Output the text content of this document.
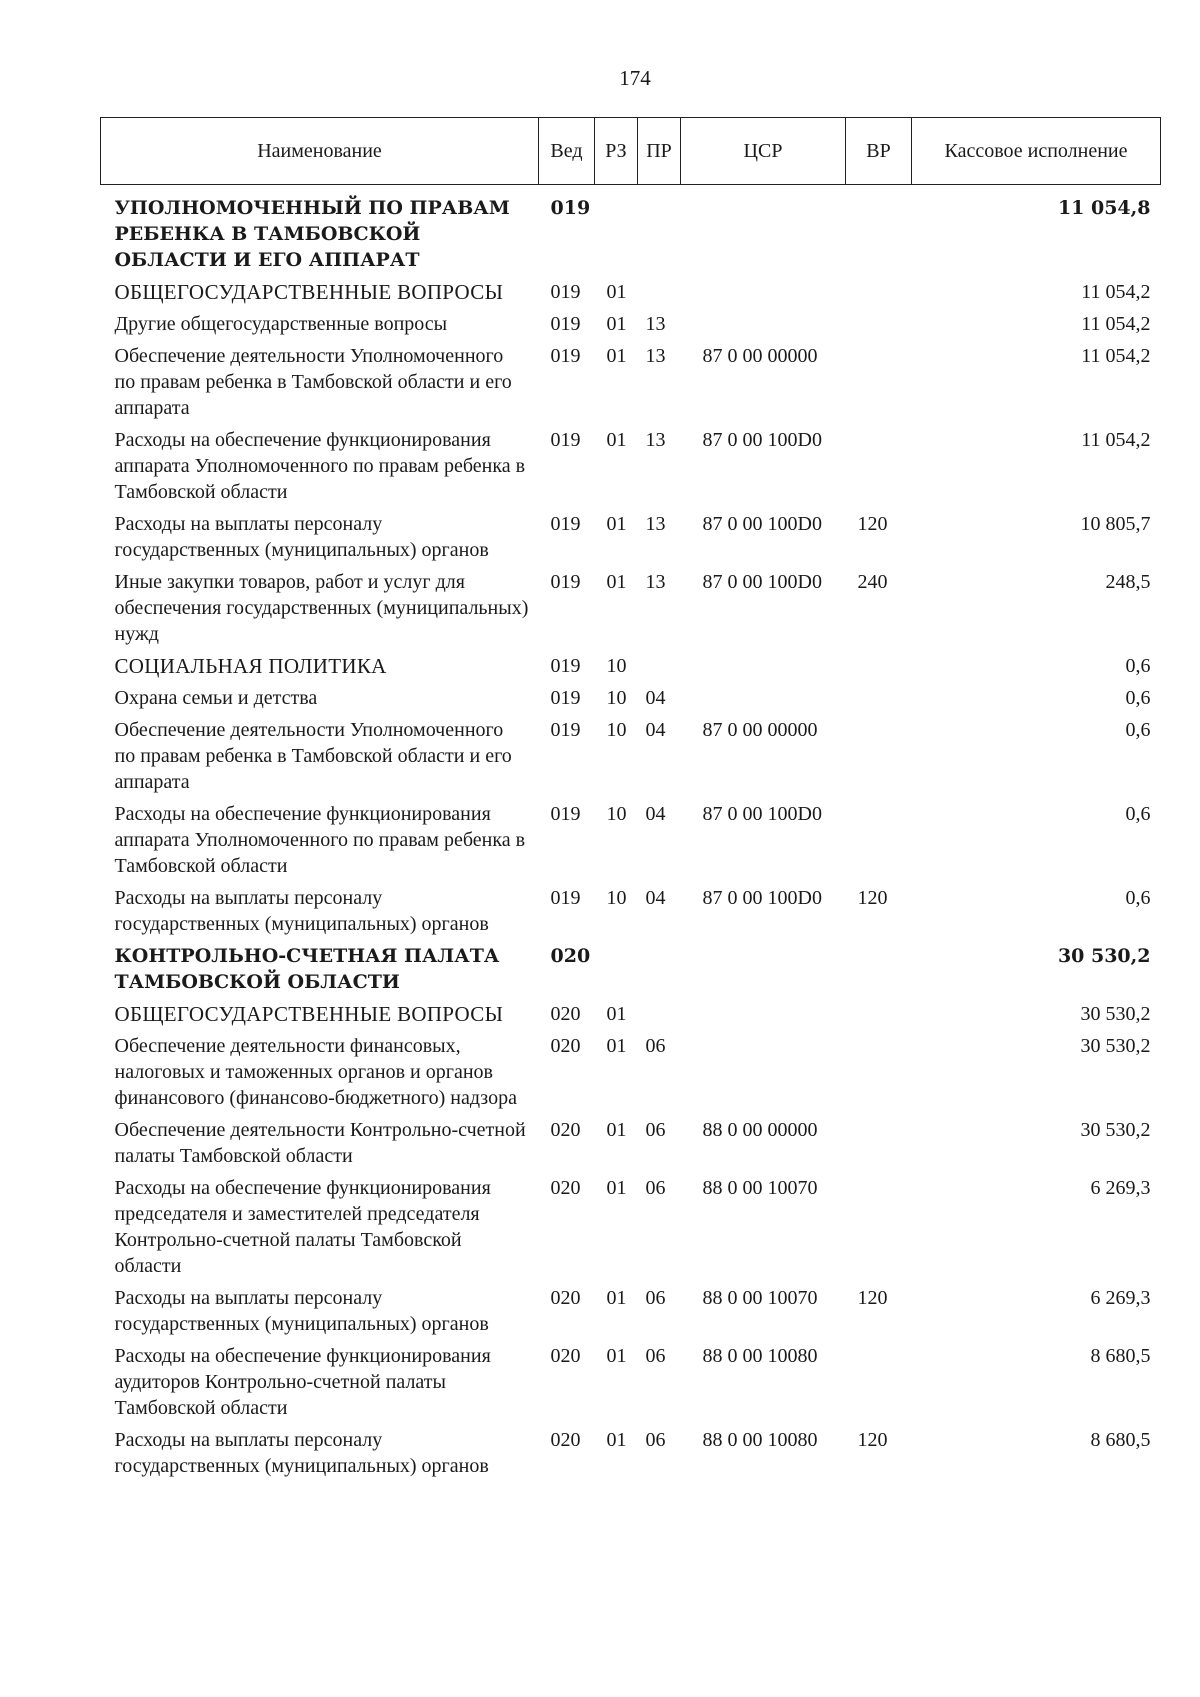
174
Наименование	Вед	РЗ	ПР	ЦСР	ВР	Кассовое исполнение
УПОЛНОМОЧЕННЫЙ ПО ПРАВАМ РЕБЕНКА В ТАМБОВСКОЙ ОБЛАСТИ И ЕГО АППАРАТ	019					11 054,8
ОБЩЕГОСУДАРСТВЕННЫЕ ВОПРОСЫ	019	01				11 054,2
Другие общегосударственные вопросы	019	01	13			11 054,2
Обеспечение деятельности Уполномоченного по правам ребенка в Тамбовской области и его аппарата	019	01	13	87 0 00 00000		11 054,2
Расходы на обеспечение функционирования аппарата Уполномоченного по правам ребенка в Тамбовской области	019	01	13	87 0 00 100D0		11 054,2
Расходы на выплаты персоналу государственных (муниципальных) органов	019	01	13	87 0 00 100D0	120	10 805,7
Иные закупки товаров, работ и услуг для обеспечения государственных (муниципальных) нужд	019	01	13	87 0 00 100D0	240	248,5
СОЦИАЛЬНАЯ ПОЛИТИКА	019	10				0,6
Охрана семьи и детства	019	10	04			0,6
Обеспечение деятельности Уполномоченного по правам ребенка в Тамбовской области и его аппарата	019	10	04	87 0 00 00000		0,6
Расходы на обеспечение функционирования аппарата Уполномоченного по правам ребенка в Тамбовской области	019	10	04	87 0 00 100D0		0,6
Расходы на выплаты персоналу государственных (муниципальных) органов	019	10	04	87 0 00 100D0	120	0,6
КОНТРОЛЬНО-СЧЕТНАЯ ПАЛАТА ТАМБОВСКОЙ ОБЛАСТИ	020					30 530,2
ОБЩЕГОСУДАРСТВЕННЫЕ ВОПРОСЫ	020	01				30 530,2
Обеспечение деятельности финансовых, налоговых и таможенных органов и органов финансового (финансово-бюджетного) надзора	020	01	06			30 530,2
Обеспечение деятельности Контрольно-счетной палаты Тамбовской области	020	01	06	88 0 00 00000		30 530,2
Расходы на обеспечение функционирования председателя и заместителей председателя Контрольно-счетной палаты Тамбовской области	020	01	06	88 0 00 10070		6 269,3
Расходы на выплаты персоналу государственных (муниципальных) органов	020	01	06	88 0 00 10070	120	6 269,3
Расходы на обеспечение функционирования аудиторов Контрольно-счетной палаты Тамбовской области	020	01	06	88 0 00 10080		8 680,5
Расходы на выплаты персоналу государственных (муниципальных) органов	020	01	06	88 0 00 10080	120	8 680,5
